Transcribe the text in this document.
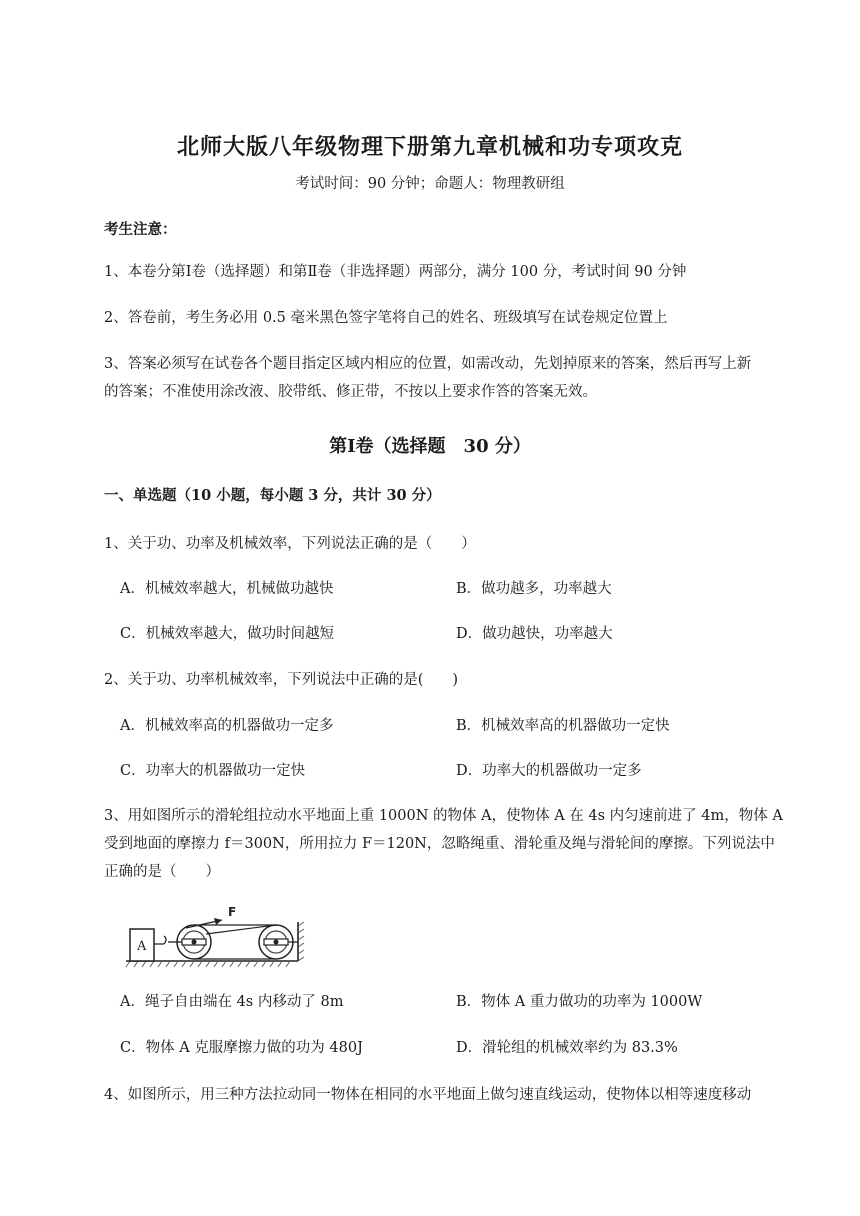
北师大版八年级物理下册第九章机械和功专项攻克
考试时间：90 分钟；命题人：物理教研组
考生注意：
1、本卷分第Ⅰ卷（选择题）和第Ⅱ卷（非选择题）两部分，满分 100 分，考试时间 90 分钟
2、答卷前，考生务必用 0.5 毫米黑色签字笔将自己的姓名、班级填写在试卷规定位置上
3、答案必须写在试卷各个题目指定区域内相应的位置，如需改动，先划掉原来的答案，然后再写上新
的答案；不准使用涂改液、胶带纸、修正带，不按以上要求作答的答案无效。
第Ⅰ卷（选择题　30 分）
一、单选题（10 小题，每小题 3 分，共计 30 分）
1、关于功、功率及机械效率，下列说法正确的是（　　）
A．机械效率越大，机械做功越快	B．做功越多，功率越大
C．机械效率越大，做功时间越短	D．做功越快，功率越大
2、关于功、功率机械效率，下列说法中正确的是(　　)
A．机械效率高的机器做功一定多	B．机械效率高的机器做功一定快
C．功率大的机器做功一定快	D．功率大的机器做功一定多
3、用如图所示的滑轮组拉动水平地面上重 1000N 的物体 A，使物体 A 在 4s 内匀速前进了 4m，物体 A
受到地面的摩擦力 f＝300N，所用拉力 F＝120N，忽略绳重、滑轮重及绳与滑轮间的摩擦。下列说法中
正确的是（　　）
A
F
A．绳子自由端在 4s 内移动了 8m	B．物体 A 重力做功的功率为 1000W
C．物体 A 克服摩擦力做的功为 480J	D．滑轮组的机械效率约为 83.3%
4、如图所示，用三种方法拉动同一物体在相同的水平地面上做匀速直线运动，使物体以相等速度移动
